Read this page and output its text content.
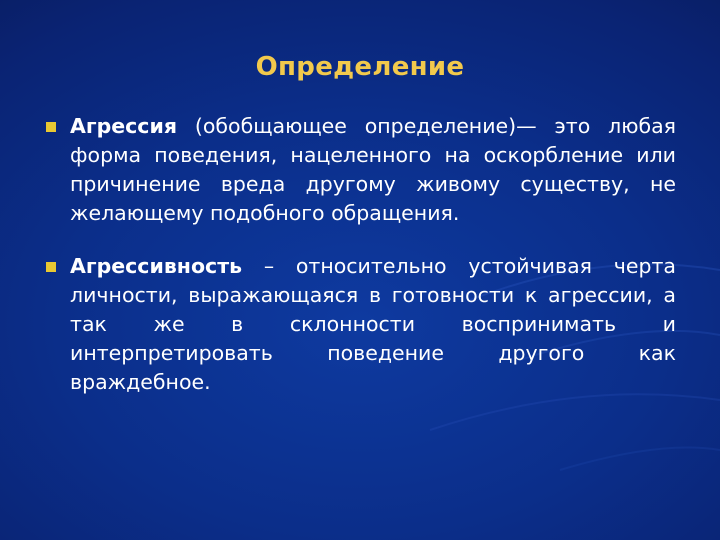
Определение
Агрессия (обобщающее определение)— это любая форма поведения, нацеленного на оскорбление или причинение вреда другому живому существу, не желающему подобного обращения.
Агрессивность – относительно устойчивая черта личности, выражающаяся в готовности к агрессии, а так же в склонности воспринимать и интерпретировать поведение другого как враждебное.
